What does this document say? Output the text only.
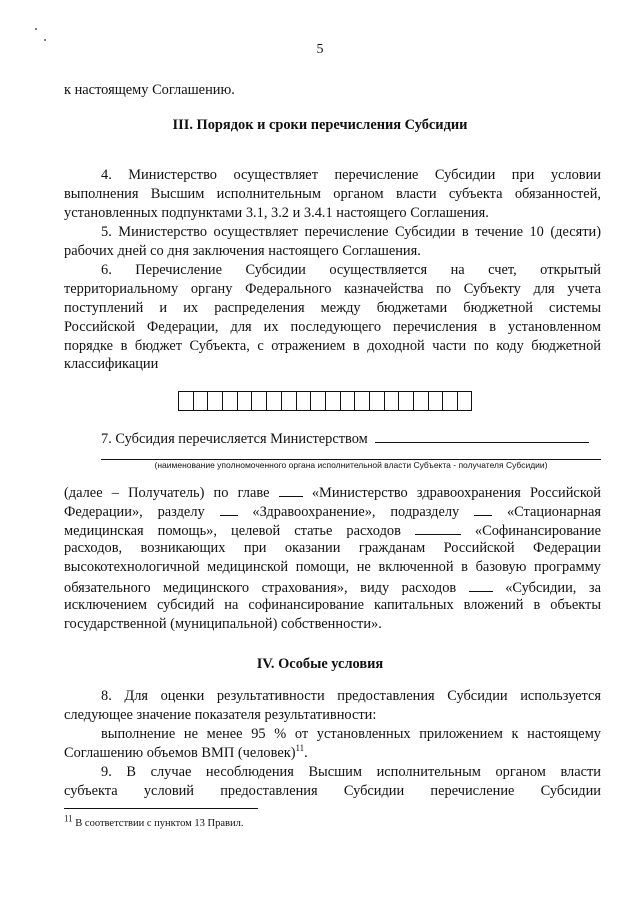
5
к настоящему Соглашению.
III. Порядок и сроки перечисления Субсидии
4. Министерство осуществляет перечисление Субсидии при условии
выполнения Высшим исполнительным органом власти субъекта обязанностей,
установленных подпунктами 3.1, 3.2 и 3.4.1 настоящего Соглашения.
5. Министерство осуществляет перечисление Субсидии в течение 10 (десяти)
рабочих дней со дня заключения настоящего Соглашения.
6. Перечисление Субсидии осуществляется на счет, открытый
территориальному органу Федерального казначейства по Субъекту для учета
поступлений и их распределения между бюджетами бюджетной системы
Российской Федерации, для их последующего перечисления в установленном
порядке в бюджет Субъекта, с отражением в доходной части по коду бюджетной
классификации
7. Субсидия перечисляется Министерством
(наименование уполномоченного органа исполнительной власти Субъекта - получателя Субсидии)
(далее – Получатель) по главе  «Министерство здравоохранения Российской
Федерации», разделу  «Здравоохранение», подразделу  «Стационарная
медицинская помощь», целевой статье расходов	«Софинансирование
расходов, возникающих при оказании гражданам Российской Федерации
высокотехнологичной медицинской помощи, не включенной в базовую программу
обязательного медицинского страхования», виду расходов  «Субсидии, за
исключением субсидий на софинансирование капитальных вложений в объекты
государственной (муниципальной) собственности».
IV. Особые условия
8. Для оценки результативности предоставления Субсидии используется
следующее значение показателя результативности:
выполнение не менее 95 % от установленных приложением к настоящему
Соглашению объемов ВМП (человек)$^{11}$.
9. В случае несоблюдения Высшим исполнительным органом власти
субъекта условий предоставления Субсидии перечисление Субсидии
$^{11}$ В соответствии с пунктом 13 Правил.
